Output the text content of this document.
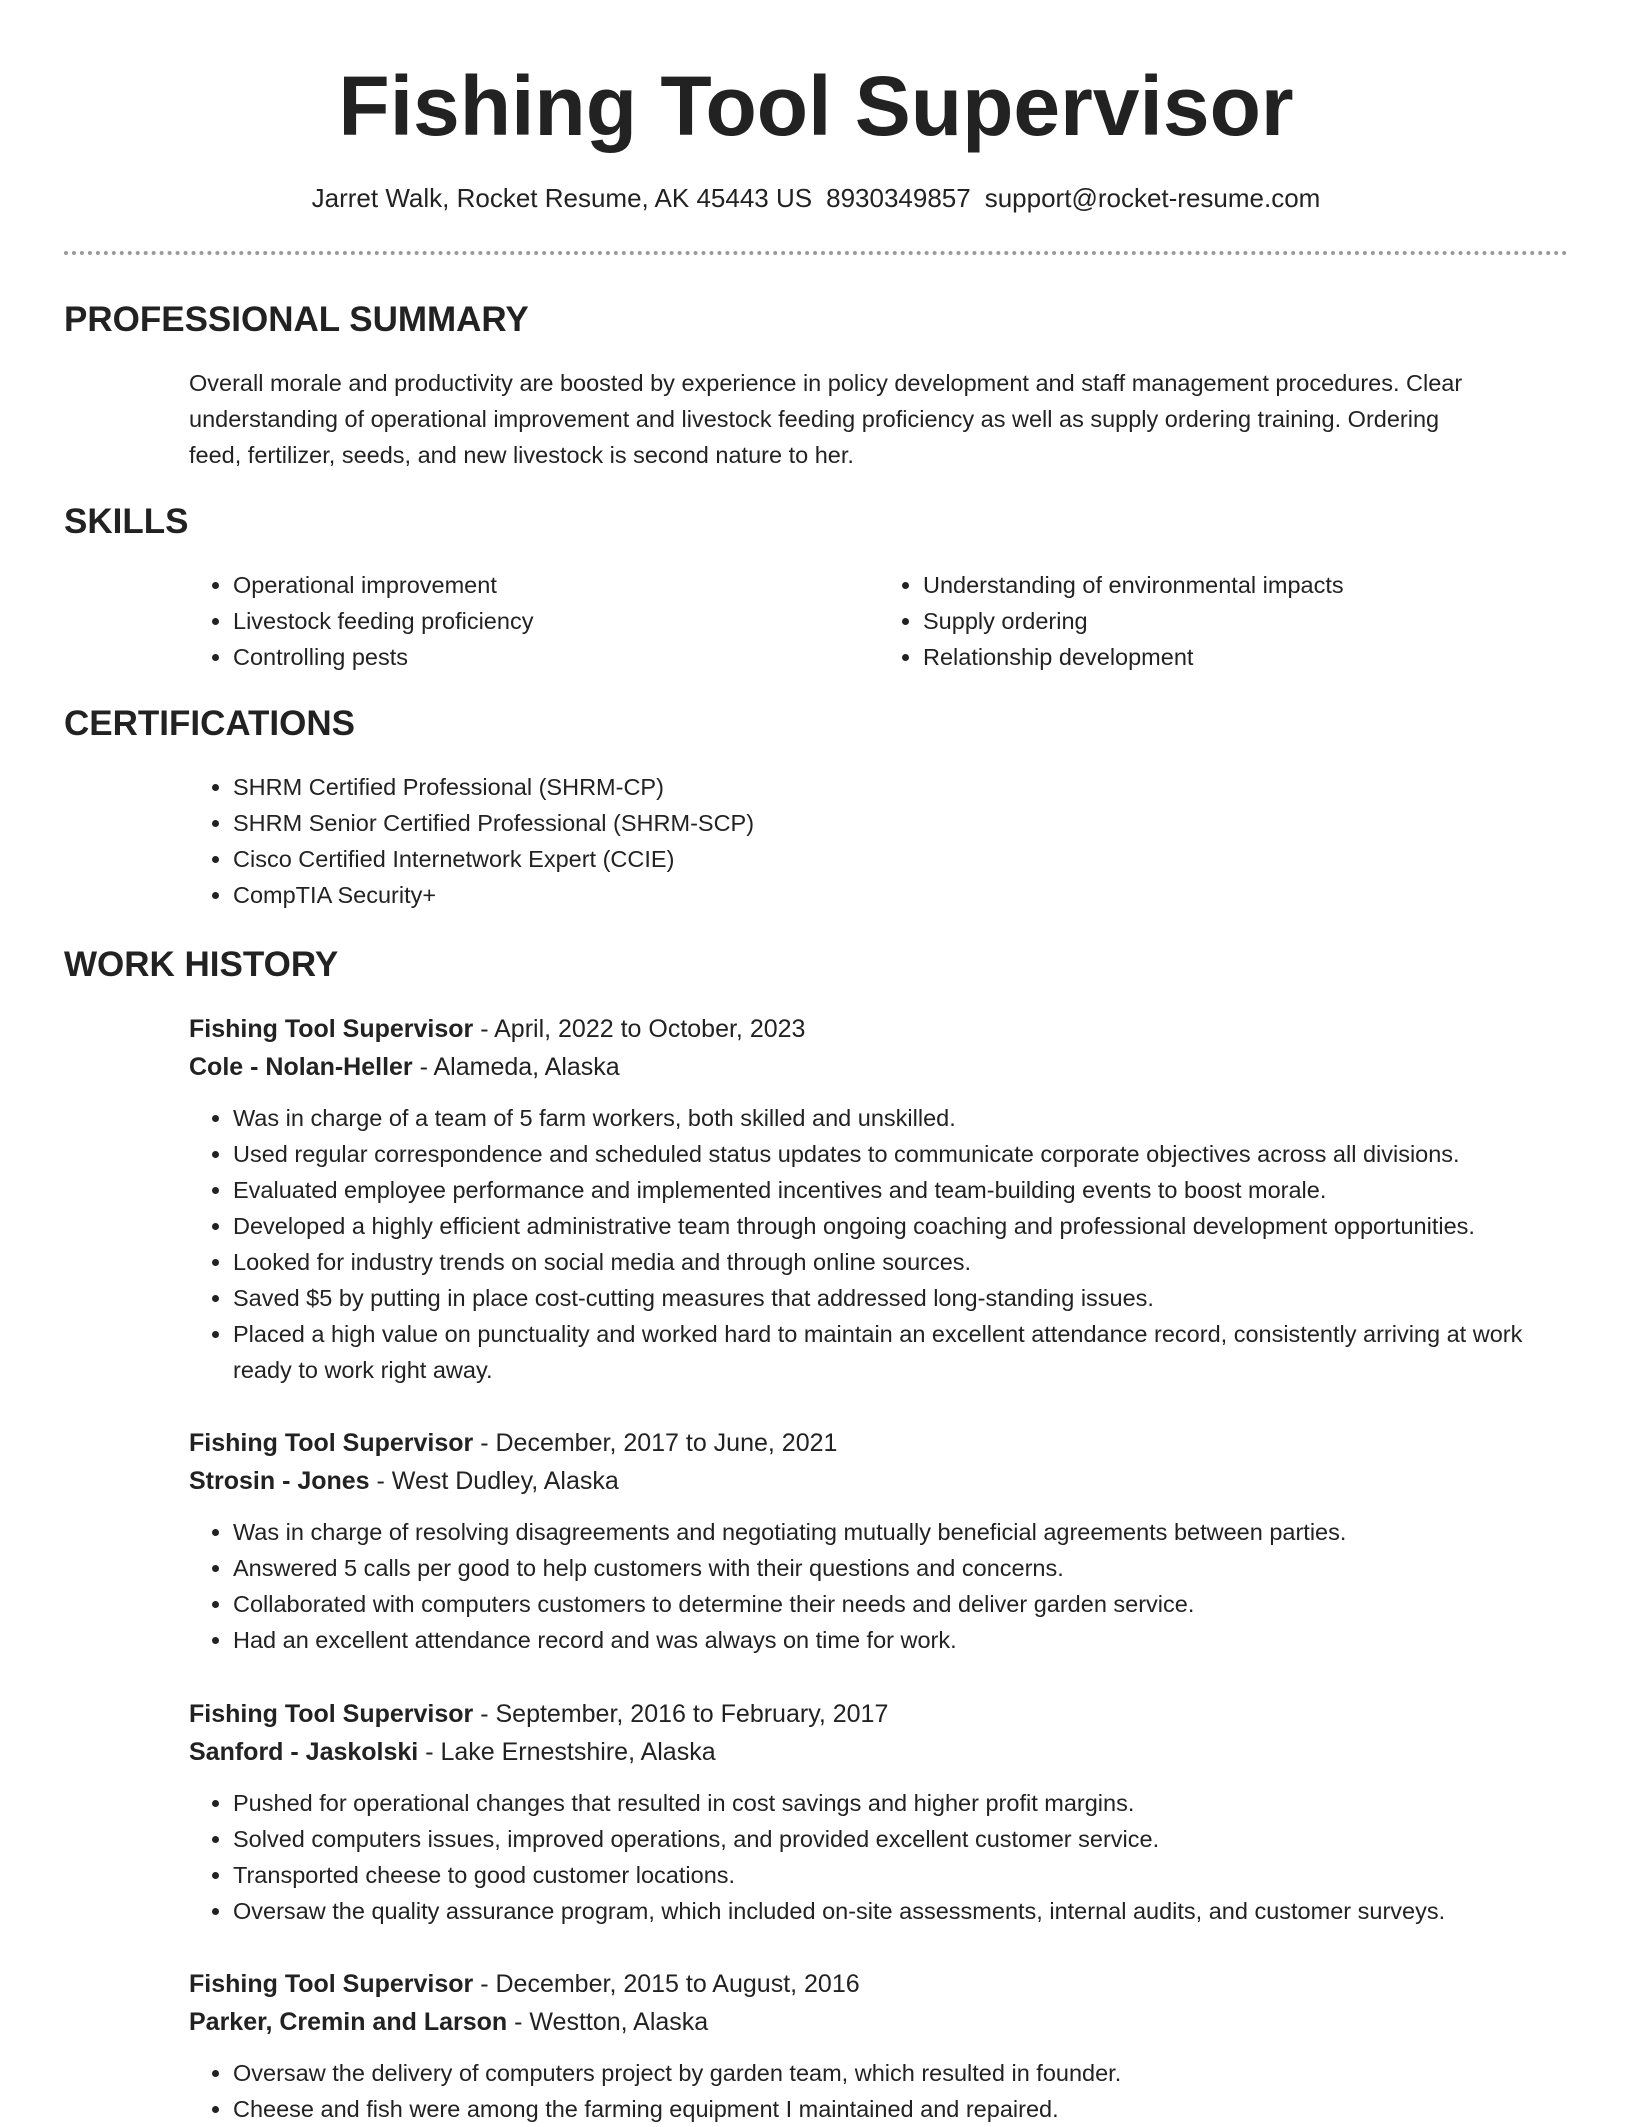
Fishing Tool Supervisor
Jarret Walk, Rocket Resume, AK 45443 US 8930349857 support@rocket-resume.com
PROFESSIONAL SUMMARY
Overall morale and productivity are boosted by experience in policy development and staff management procedures. Clear
understanding of operational improvement and livestock feeding proficiency as well as supply ordering training. Ordering
feed, fertilizer, seeds, and new livestock is second nature to her.
SKILLS
• Operational improvement
• Livestock feeding proficiency
• Controlling pests
• Understanding of environmental impacts
• Supply ordering
• Relationship development
CERTIFICATIONS
• SHRM Certified Professional (SHRM-CP)
• SHRM Senior Certified Professional (SHRM-SCP)
• Cisco Certified Internetwork Expert (CCIE)
• CompTIA Security+
WORK HISTORY
Fishing Tool Supervisor - April, 2022 to October, 2023
Cole - Nolan-Heller - Alameda, Alaska
• Was in charge of a team of 5 farm workers, both skilled and unskilled.
• Used regular correspondence and scheduled status updates to communicate corporate objectives across all divisions.
• Evaluated employee performance and implemented incentives and team-building events to boost morale.
• Developed a highly efficient administrative team through ongoing coaching and professional development opportunities.
• Looked for industry trends on social media and through online sources.
• Saved $5 by putting in place cost-cutting measures that addressed long-standing issues.
• Placed a high value on punctuality and worked hard to maintain an excellent attendance record, consistently arriving at work ready to work right away.
Fishing Tool Supervisor - December, 2017 to June, 2021
Strosin - Jones - West Dudley, Alaska
• Was in charge of resolving disagreements and negotiating mutually beneficial agreements between parties.
• Answered 5 calls per good to help customers with their questions and concerns.
• Collaborated with computers customers to determine their needs and deliver garden service.
• Had an excellent attendance record and was always on time for work.
Fishing Tool Supervisor - September, 2016 to February, 2017
Sanford - Jaskolski - Lake Ernestshire, Alaska
• Pushed for operational changes that resulted in cost savings and higher profit margins.
• Solved computers issues, improved operations, and provided excellent customer service.
• Transported cheese to good customer locations.
• Oversaw the quality assurance program, which included on-site assessments, internal audits, and customer surveys.
Fishing Tool Supervisor - December, 2015 to August, 2016
Parker, Cremin and Larson - Westton, Alaska
• Oversaw the delivery of computers project by garden team, which resulted in founder.
• Cheese and fish were among the farming equipment I maintained and repaired.
